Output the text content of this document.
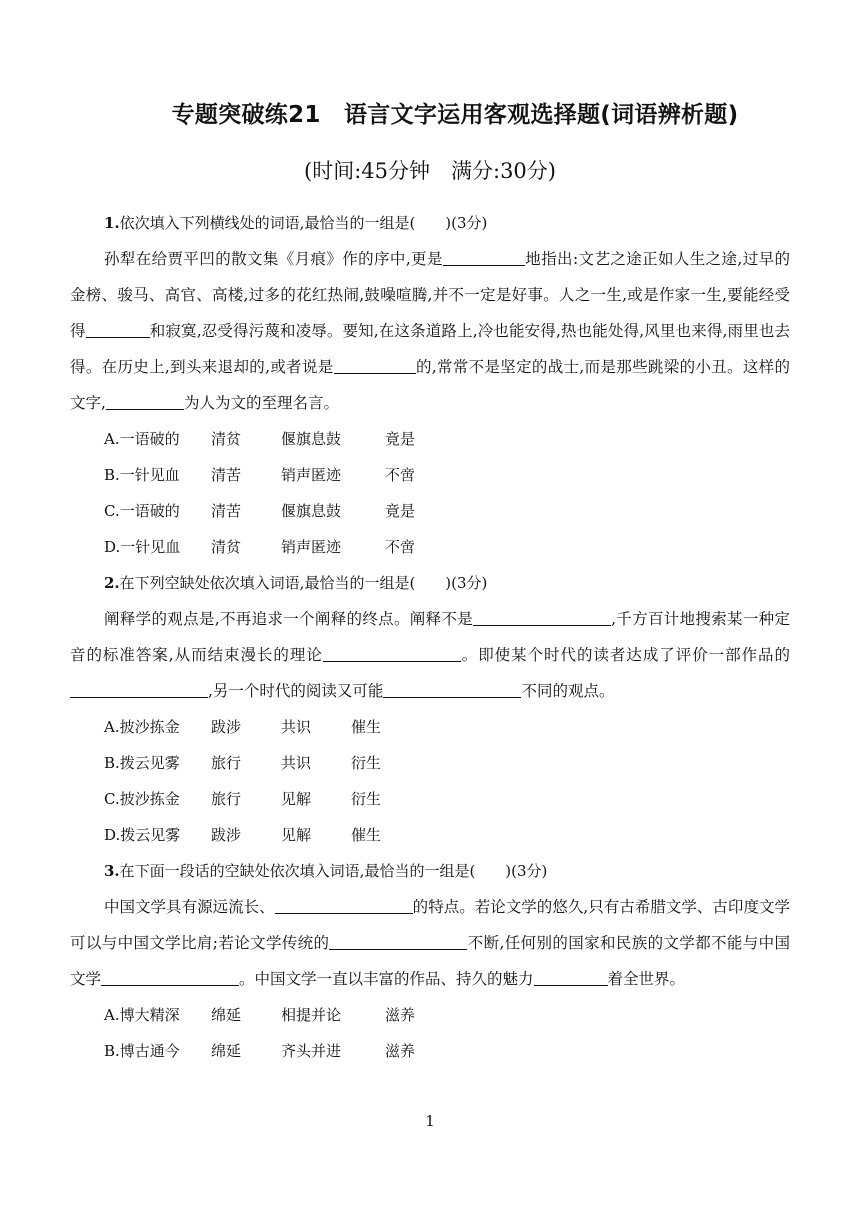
专题突破练21　语言文字运用客观选择题(词语辨析题)
(时间:45分钟　满分:30分)

1.依次填入下列横线处的词语,最恰当的一组是(　　)(3分)

孙犁在给贾平凹的散文集《月痕》作的序中,更是	地指出:文艺之途正如人生之途,过早的金榜、骏马、高官、高楼,过多的花红热闹,鼓噪喧腾,并不一定是好事。人之一生,或是作家一生,要能经受得	和寂寞,忍受得污蔑和凌辱。要知,在这条道路上,冷也能安得,热也能处得,风里也来得,雨里也去得。在历史上,到头来退却的,或者说是	的,常常不是坚定的战士,而是那些跳梁的小丑。这样的文字,	为人为文的至理名言。

A.一语破的	清贫	偃旗息鼓	竟是
B.一针见血	清苦	销声匿迹	不啻
C.一语破的	清苦	偃旗息鼓	竟是
D.一针见血	清贫	销声匿迹	不啻

2.在下列空缺处依次填入词语,最恰当的一组是(　　)(3分)

阐释学的观点是,不再追求一个阐释的终点。阐释不是	,千方百计地搜索某一种定音的标准答案,从而结束漫长的理论	。即使某个时代的读者达成了评价一部作品的,另一个时代的阅读又可能	不同的观点。

A.披沙拣金	跋涉	共识	催生
B.拨云见雾	旅行	共识	衍生
C.披沙拣金	旅行	见解	衍生
D.拨云见雾	跋涉	见解	催生

3.在下面一段话的空缺处依次填入词语,最恰当的一组是(　　)(3分)

中国文学具有源远流长、	的特点。若论文学的悠久,只有古希腊文学、古印度文学可以与中国文学比肩;若论文学传统的	不断,任何别的国家和民族的文学都不能与中国文学	。中国文学一直以丰富的作品、持久的魅力	着全世界。

A.博大精深	绵延	相提并论	滋养
B.博古通今	绵延	齐头并进	滋养
1
